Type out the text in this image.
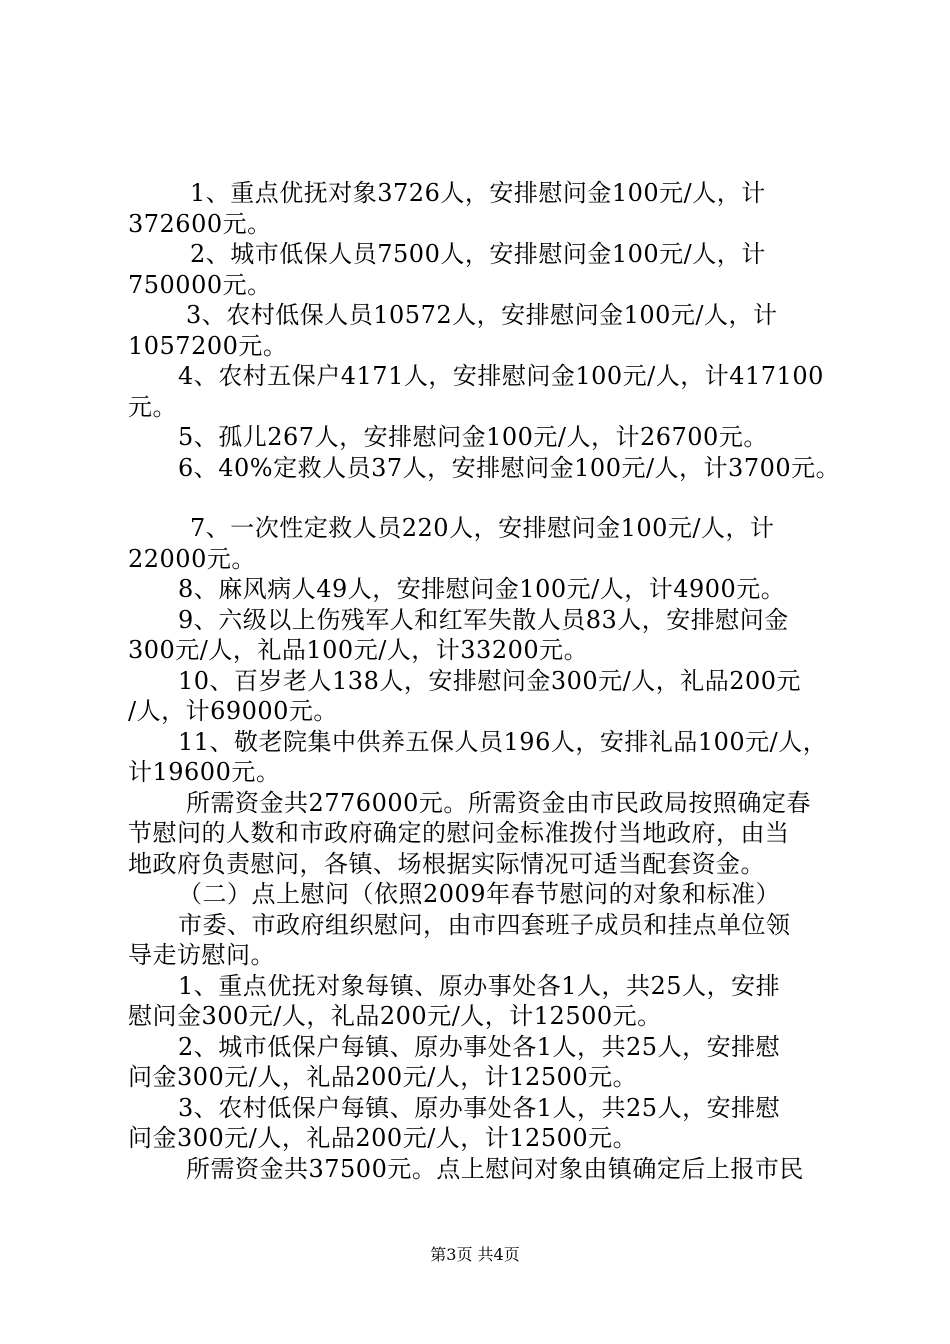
1、重点优抚对象3726人，安排慰问金100元/人，计
372600元。
2、城市低保人员7500人，安排慰问金100元/人，计
750000元。
3、农村低保人员10572人，安排慰问金100元/人，计
1057200元。
4、农村五保户4171人，安排慰问金100元/人，计417100
元。
5、孤儿267人，安排慰问金100元/人，计26700元。
6、40%定救人员37人，安排慰问金100元/人，计3700元。
7、一次性定救人员220人，安排慰问金100元/人，计
22000元。
8、麻风病人49人，安排慰问金100元/人，计4900元。
9、六级以上伤残军人和红军失散人员83人，安排慰问金
300元/人，礼品100元/人，计33200元。
10、百岁老人138人，安排慰问金300元/人，礼品200元
/人，计69000元。
11、敬老院集中供养五保人员196人，安排礼品100元/人，
计19600元。
所需资金共2776000元。所需资金由市民政局按照确定春
节慰问的人数和市政府确定的慰问金标准拨付当地政府，由当
地政府负责慰问，各镇、场根据实际情况可适当配套资金。
（二）点上慰问（依照2009年春节慰问的对象和标准）
市委、市政府组织慰问，由市四套班子成员和挂点单位领
导走访慰问。
1、重点优抚对象每镇、原办事处各1人，共25人，安排
慰问金300元/人，礼品200元/人，计12500元。
2、城市低保户每镇、原办事处各1人，共25人，安排慰
问金300元/人，礼品200元/人，计12500元。
3、农村低保户每镇、原办事处各1人，共25人，安排慰
问金300元/人，礼品200元/人，计12500元。
所需资金共37500元。点上慰问对象由镇确定后上报市民
第3页 共4页
